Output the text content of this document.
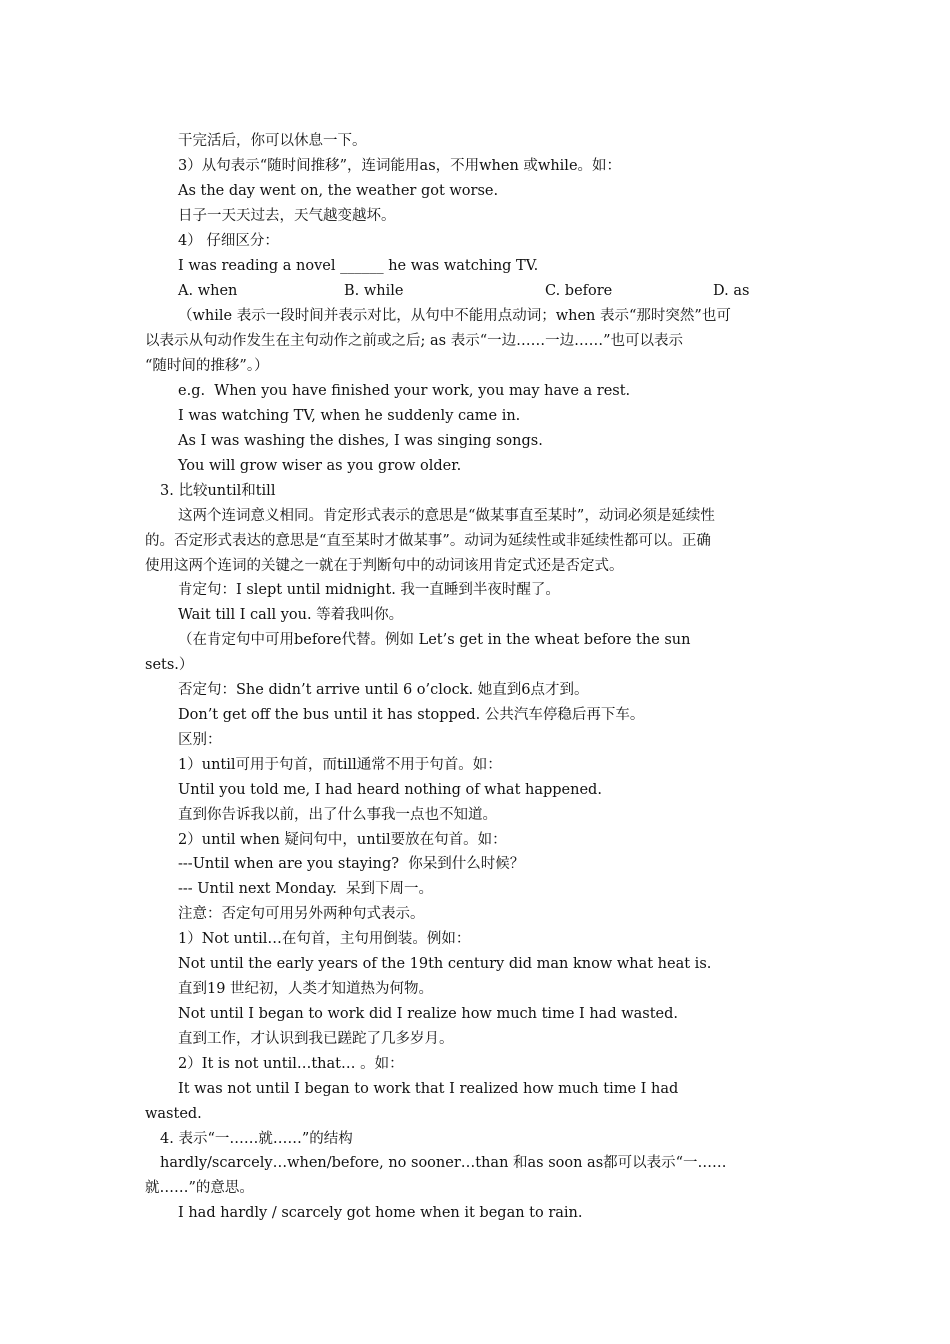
干完活后，你可以休息一下。
3）从句表示“随时间推移”，连词能用as，不用when 或while。如：
As the day went on, the weather got worse.
日子一天天过去，天气越变越坏。
4） 仔细区分：
I was reading a novel ______ he was watching TV.
A. when	B. while	C. before	D. as
（while 表示一段时间并表示对比，从句中不能用点动词；when 表示“那时突然”也可
以表示从句动作发生在主句动作之前或之后; as 表示“一边……一边……”也可以表示
“随时间的推移”。）
e.g.  When you have finished your work, you may have a rest.
I was watching TV, when he suddenly came in.
As I was washing the dishes, I was singing songs.
You will grow wiser as you grow older.
3. 比较until和till
这两个连词意义相同。肯定形式表示的意思是“做某事直至某时”，动词必须是延续性
的。否定形式表达的意思是“直至某时才做某事”。动词为延续性或非延续性都可以。正确
使用这两个连词的关键之一就在于判断句中的动词该用肯定式还是否定式。
肯定句：I slept until midnight. 我一直睡到半夜时醒了。
Wait till I call you. 等着我叫你。
（在肯定句中可用before代替。例如 Let’s get in the wheat before the sun
sets.）
否定句：She didn’t arrive until 6 o’clock. 她直到6点才到。
Don’t get off the bus until it has stopped. 公共汽车停稳后再下车。
区别：
1）until可用于句首，而till通常不用于句首。如：
Until you told me, I had heard nothing of what happened.
直到你告诉我以前，出了什么事我一点也不知道。
2）until when 疑问句中，until要放在句首。如：
---Until when are you staying?  你呆到什么时候？
--- Until next Monday.  呆到下周一。
注意：否定句可用另外两种句式表示。
1）Not until…在句首，主句用倒装。例如：
Not until the early years of the 19th century did man know what heat is.
直到19 世纪初，人类才知道热为何物。
Not until I began to work did I realize how much time I had wasted.
直到工作，才认识到我已蹉跎了几多岁月。
2）It is not until…that… 。如：
It was not until I began to work that I realized how much time I had
wasted.
4. 表示“一……就……”的结构
hardly/scarcely…when/before, no sooner…than 和as soon as都可以表示“一……
就……”的意思。
I had hardly / scarcely got home when it began to rain.
